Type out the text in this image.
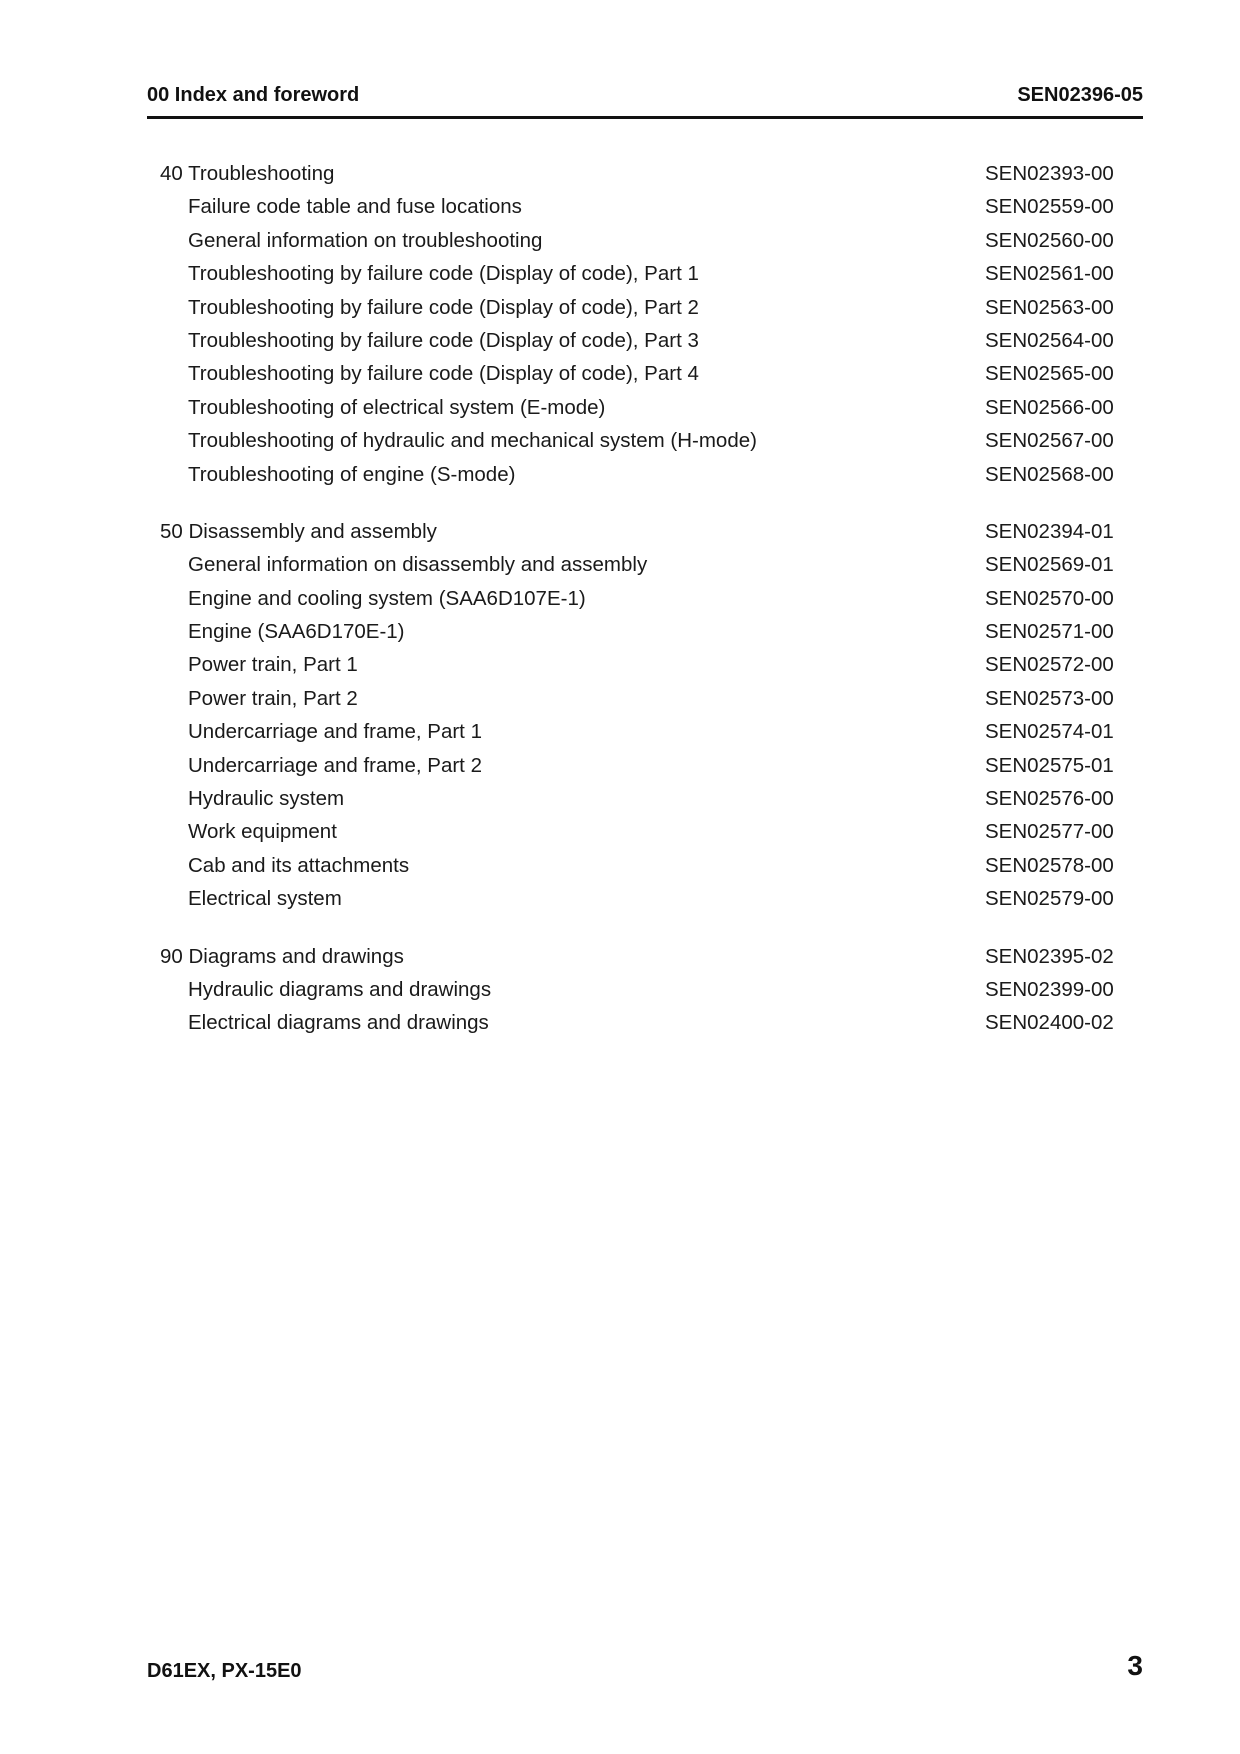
00 Index and foreword	SEN02396-05
40 Troubleshooting	SEN02393-00
Failure code table and fuse locations	SEN02559-00
General information on troubleshooting	SEN02560-00
Troubleshooting by failure code (Display of code), Part 1	SEN02561-00
Troubleshooting by failure code (Display of code), Part 2	SEN02563-00
Troubleshooting by failure code (Display of code), Part 3	SEN02564-00
Troubleshooting by failure code (Display of code), Part 4	SEN02565-00
Troubleshooting of electrical system (E-mode)	SEN02566-00
Troubleshooting of hydraulic and mechanical system (H-mode)	SEN02567-00
Troubleshooting of engine (S-mode)	SEN02568-00
50 Disassembly and assembly	SEN02394-01
General information on disassembly and assembly	SEN02569-01
Engine and cooling system (SAA6D107E-1)	SEN02570-00
Engine (SAA6D170E-1)	SEN02571-00
Power train, Part 1	SEN02572-00
Power train, Part 2	SEN02573-00
Undercarriage and frame, Part 1	SEN02574-01
Undercarriage and frame, Part 2	SEN02575-01
Hydraulic system	SEN02576-00
Work equipment	SEN02577-00
Cab and its attachments	SEN02578-00
Electrical system	SEN02579-00
90 Diagrams and drawings	SEN02395-02
Hydraulic diagrams and drawings	SEN02399-00
Electrical diagrams and drawings	SEN02400-02
D61EX, PX-15E0	3
